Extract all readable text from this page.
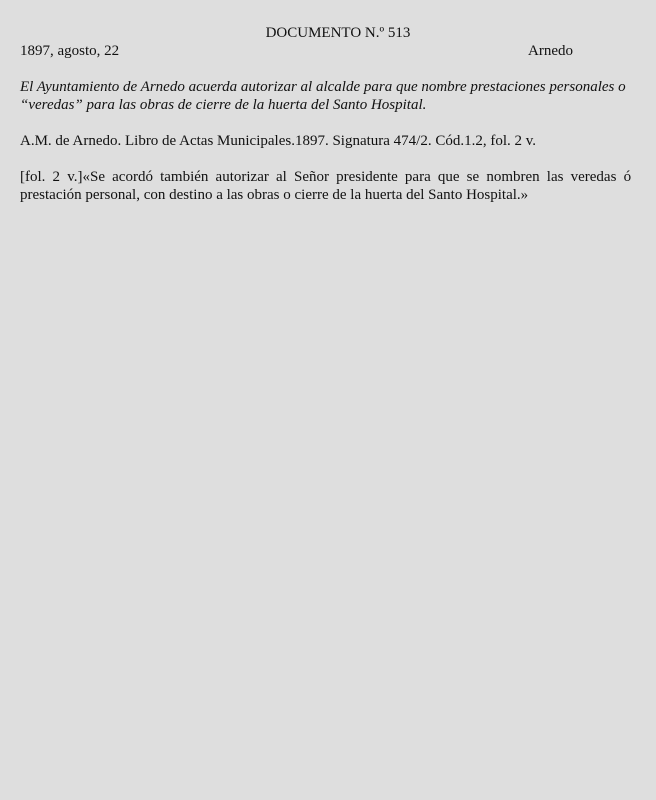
DOCUMENTO N.º 513
1897, agosto, 22	Arnedo
El Ayuntamiento de Arnedo acuerda autorizar al alcalde para que nombre prestaciones personales o
“veredas” para las obras de cierre de la huerta del Santo Hospital.
A.M. de Arnedo. Libro de Actas Municipales.1897. Signatura 474/2. Cód.1.2, fol. 2 v.
[fol. 2 v.]«Se acordó también autorizar al Señor presidente para que se nombren las veredas ó
prestación personal, con destino a las obras o cierre de la huerta del Santo Hospital.»
